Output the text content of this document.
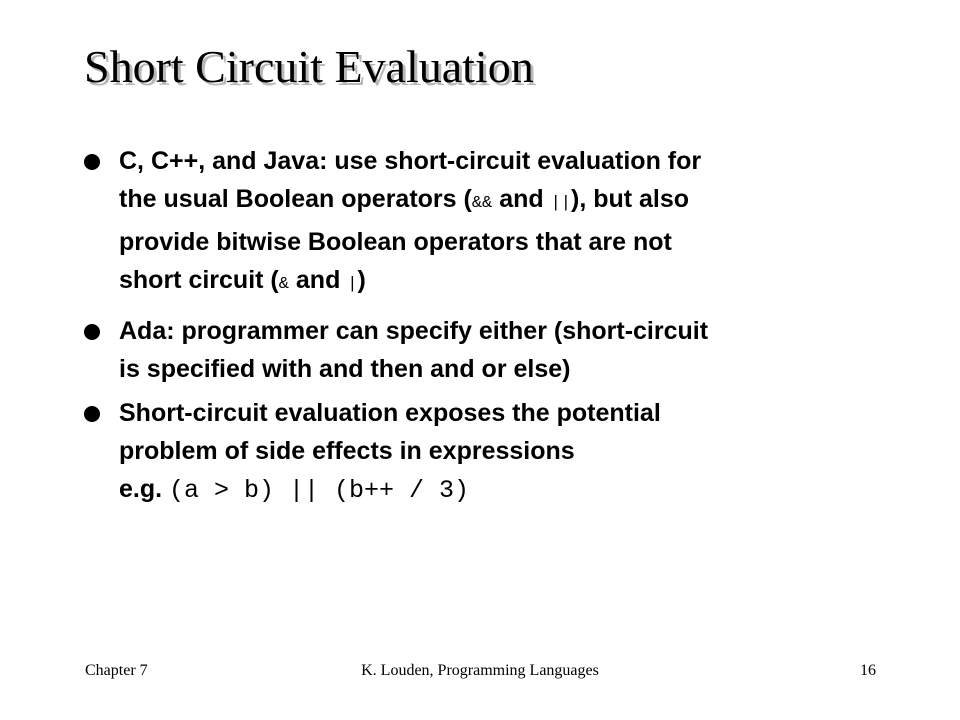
Short Circuit Evaluation
C, C++, and Java: use short-circuit evaluation for
the usual Boolean operators (&& and ||), but also
provide bitwise Boolean operators that are not
short circuit (& and |)
Ada: programmer can specify either (short-circuit
is specified with and then and or else)
Short-circuit evaluation exposes the potential
problem of side effects in expressions
e.g. (a > b) || (b++ / 3)
Chapter 7	K. Louden, Programming Languages	16
